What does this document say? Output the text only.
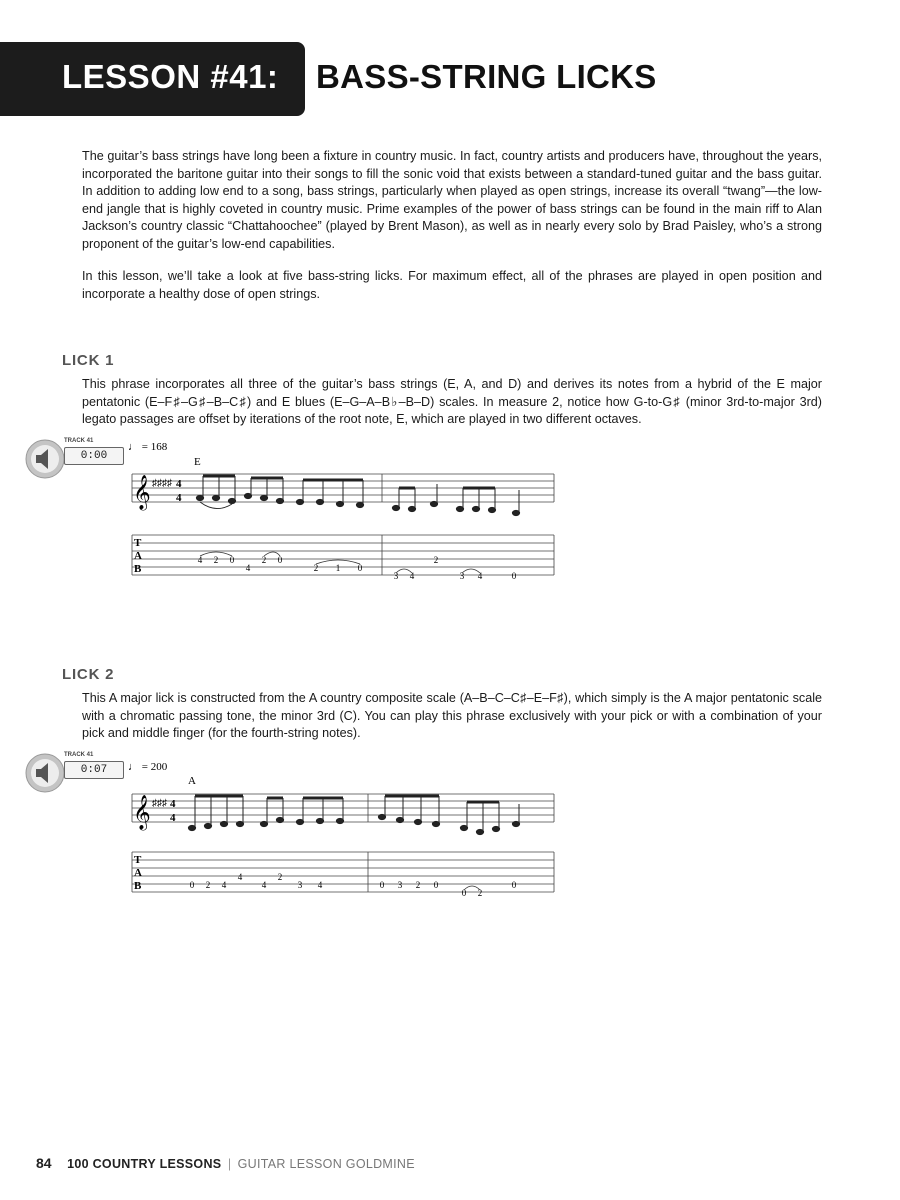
LESSON #41: BASS-STRING LICKS
The guitar’s bass strings have long been a fixture in country music. In fact, country artists and producers have, throughout the years, incorporated the baritone guitar into their songs to fill the sonic void that exists between a standard-tuned guitar and the bass guitar. In addition to adding low end to a song, bass strings, particularly when played as open strings, increase its overall “twang”—the low-end jangle that is highly coveted in country music. Prime examples of the power of bass strings can be found in the main riff to Alan Jackson’s country classic “Chattahoochee” (played by Brent Mason), as well as in nearly every solo by Brad Paisley, who’s a strong proponent of the guitar’s low-end capabilities.
In this lesson, we’ll take a look at five bass-string licks. For maximum effect, all of the phrases are played in open position and incorporate a healthy dose of open strings.
LICK 1
This phrase incorporates all three of the guitar’s bass strings (E, A, and D) and derives its notes from a hybrid of the E major pentatonic (E–F♯–G♯–B–C♯) and E blues (E–G–A–B♭–B–D) scales. In measure 2, notice how G-to-G♯ (minor 3rd-to-major 3rd) legato passages are offset by iterations of the root note, E, which are played in two different octaves.
TRACK 41
0:00
♩ = 168
E
𝄞 ♯♯♯♯ 4
4
T
A
B
4 2 0
4
2 0
2 1 0
3 4
2
3 4	0
LICK 2
This A major lick is constructed from the A country composite scale (A–B–C–C♯–E–F♯), which simply is the A major pentatonic scale with a chromatic passing tone, the minor 3rd (C). You can play this phrase exclusively with your pick or with a combination of your pick and middle finger (for the fourth-string notes).
TRACK 41
0:07	♩ = 200
A
𝄞 ♯♯♯ 4
4
T
A
B	0 2 4
4
4
2
3 4	0 3 2 0
0 2
0
84 100 COUNTRY LESSONS | GUITAR LESSON GOLDMINE
